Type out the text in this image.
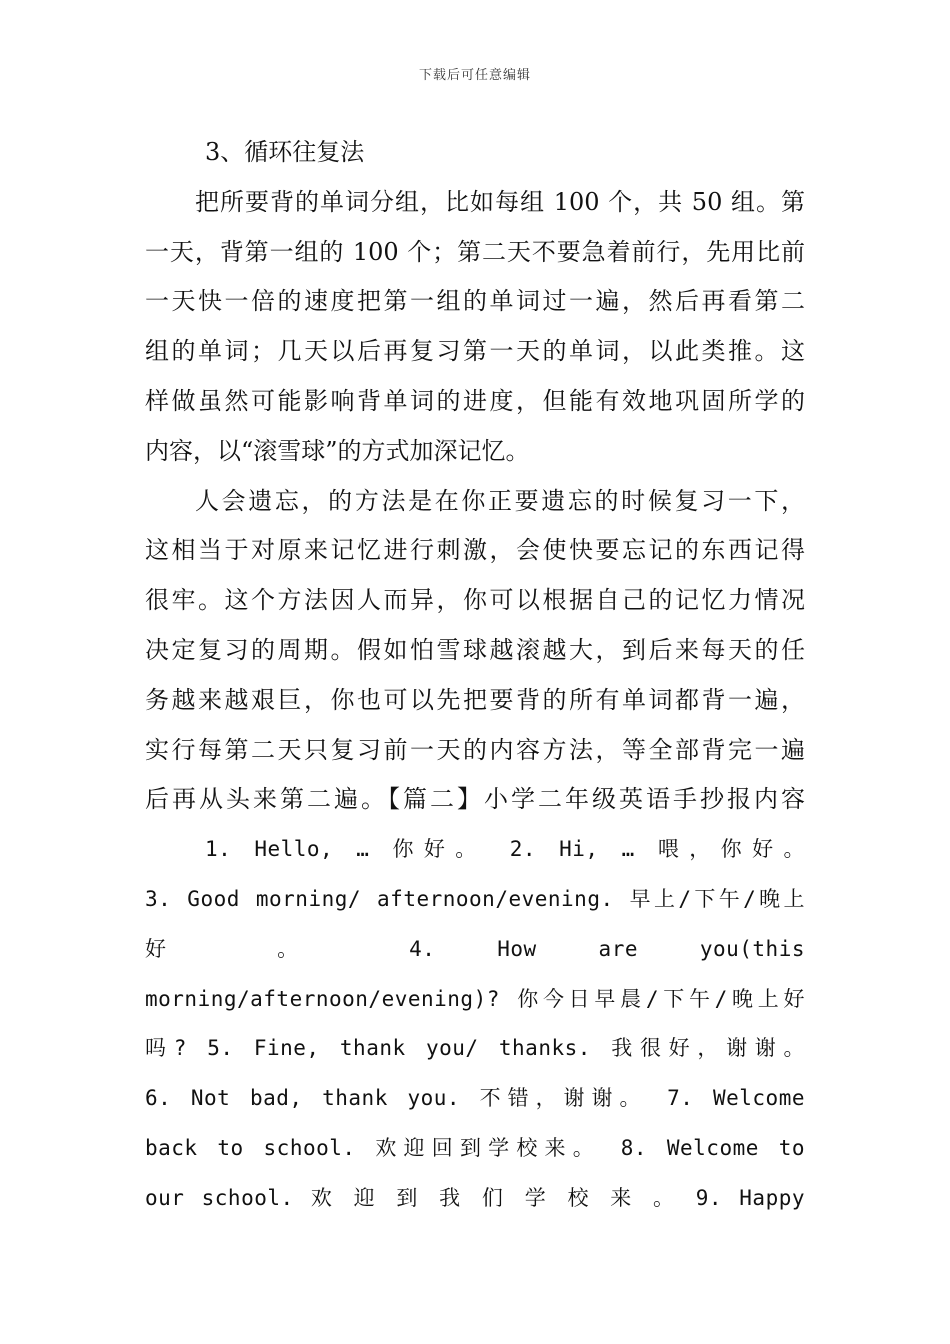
下载后可任意编辑
3、循环往复法
把所要背的单词分组，比如每组 100 个，共 50 组。第
一天，背第一组的 100 个；第二天不要急着前行，先用比前
一天快一倍的速度把第一组的单词过一遍，然后再看第二
组的单词；几天以后再复习第一天的单词，以此类推。这
样做虽然可能影响背单词的进度，但能有效地巩固所学的
内容，以“滚雪球”的方式加深记忆。
人会遗忘，的方法是在你正要遗忘的时候复习一下，
这相当于对原来记忆进行刺激，会使快要忘记的东西记得
很牢。这个方法因人而异，你可以根据自己的记忆力情况
决定复习的周期。假如怕雪球越滚越大，到后来每天的任
务越来越艰巨，你也可以先把要背的所有单词都背一遍，
实行每第二天只复习前一天的内容方法，等全部背完一遍
后再从头来第二遍。【篇二】小学二年级英语手抄报内容
1. Hello, … 你好。 2. Hi, … 喂，你好。
3. Good morning/ afternoon/evening. 早上/下午/晚上
好 。 4. How are you(this
morning/afternoon/evening)? 你今日早晨/下午/晚上好
吗? 5. Fine, thank you/ thanks. 我很好，谢谢。
6. Not bad, thank you. 不错，谢谢。 7. Welcome
back to school. 欢迎回到学校来。 8. Welcome to
our school. 欢 迎 到 我 们 学 校 来 。 9. Happy
